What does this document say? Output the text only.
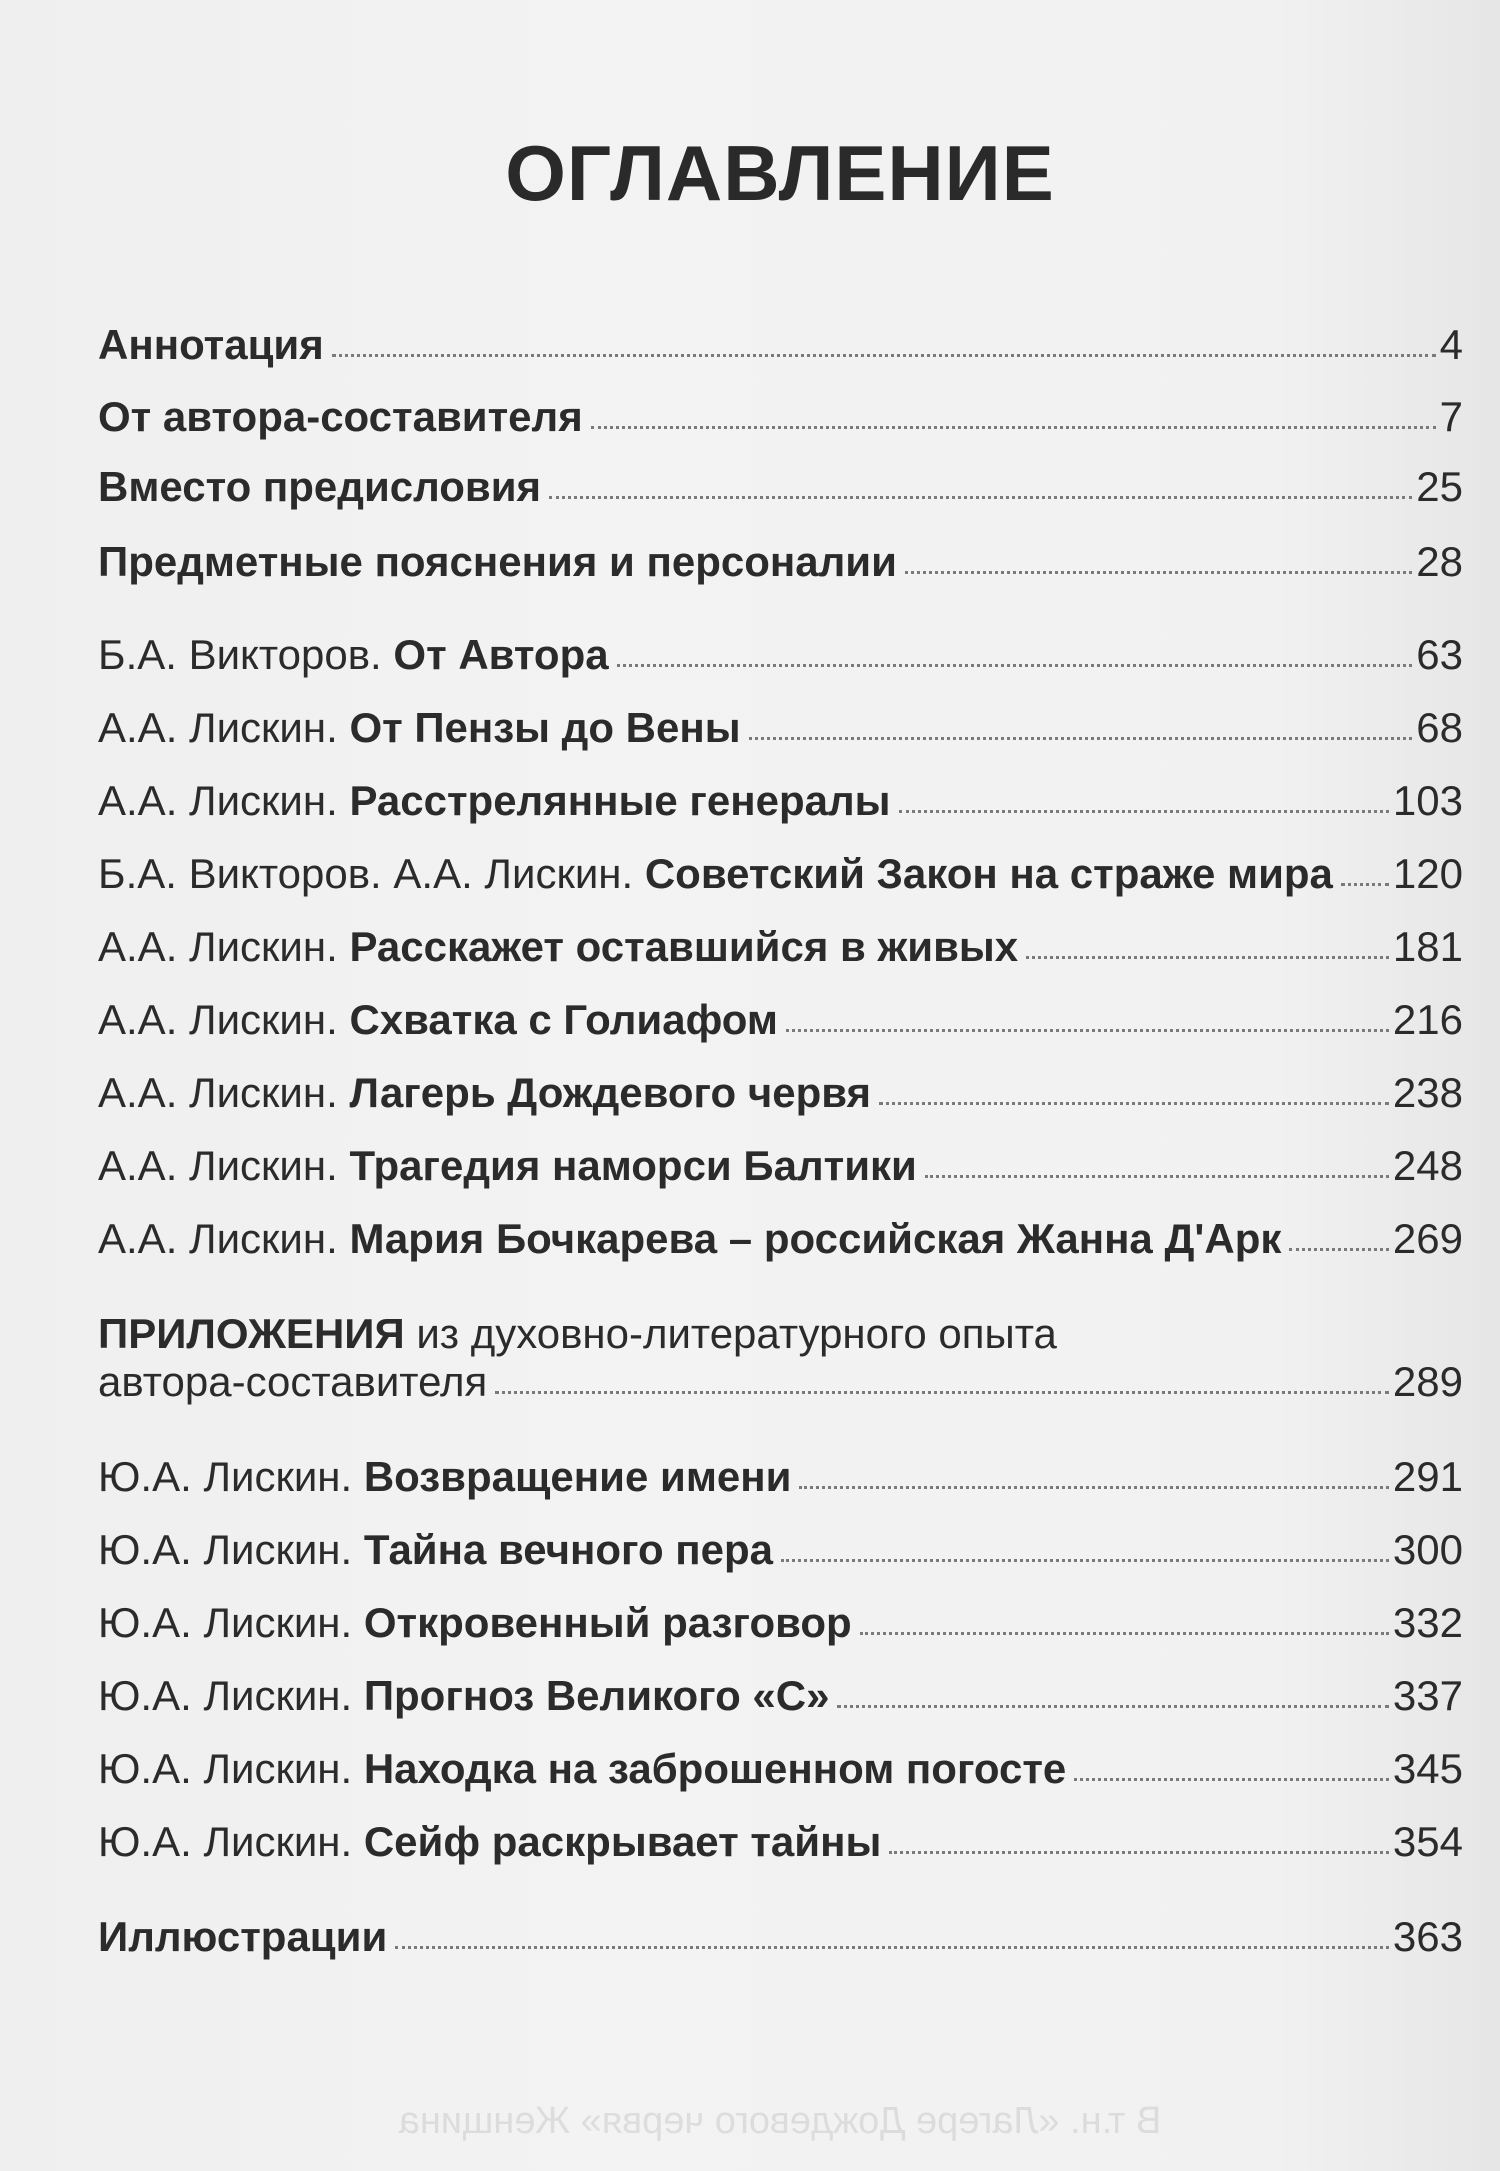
ОГЛАВЛЕНИЕ
Аннотация	4
От автора-составителя	7
Вместо предисловия	25
Предметные пояснения и персоналии	28
Б.А. Викторов. От Автора	63
А.А. Лискин. От Пензы до Вены	68
А.А. Лискин. Расстрелянные генералы	103
Б.А. Викторов. А.А. Лискин. Советский Закон на страже мира 120
А.А. Лискин. Расскажет оставшийся в живых	181
А.А. Лискин. Схватка с Голиафом	216
А.А. Лискин. Лагерь Дождевого червя	238
А.А. Лискин. Трагедия наморси Балтики	248
А.А. Лискин. Мария Бочкарева – российская Жанна Д'Арк	269
ПРИЛОЖЕНИЯ из духовно-литературного опыта
автора-составителя	289
Ю.А. Лискин. Возвращение имени	291
Ю.А. Лискин. Тайна вечного пера	300
Ю.А. Лискин. Откровенный разговор	332
Ю.А. Лискин. Прогноз Великого «С»	337
Ю.А. Лискин. Находка на заброшенном погосте	345
Ю.А. Лискин. Сейф раскрывает тайны	354
Иллюстрации	363
В т.н. «Лагере Дождевого червя» Женщина
